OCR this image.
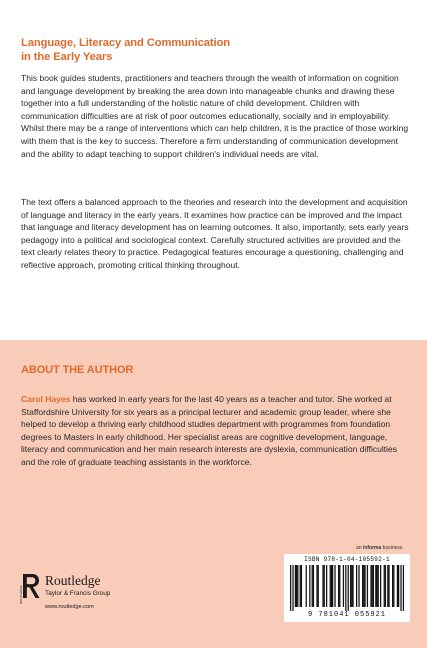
Language, Literacy and Communication
in the Early Years

This book guides students, practitioners and teachers through the wealth of information on cognition and language development by breaking the area down into manageable chunks and drawing these together into a full understanding of the holistic nature of child development. Children with communication difficulties are at risk of poor outcomes educationally, socially and in employability. Whilst there may be a range of interventions which can help children, it is the practice of those working with them that is the key to success. Therefore a firm understanding of communication development and the ability to adapt teaching to support children's individual needs are vital.

The text offers a balanced approach to the theories and research into the development and acquisition of language and literacy in the early years. It examines how practice can be improved and the impact that language and literacy development has on learning outcomes. It also, importantly, sets early years pedagogy into a political and sociological context. Carefully structured activities are provided and the text clearly relates theory to practice. Pedagogical features encourage a questioning, challenging and reflective approach, promoting critical thinking throughout.

ABOUT THE AUTHOR

Carol Hayes has worked in early years for the last 40 years as a teacher and tutor. She worked at Staffordshire University for six years as a principal lecturer and academic group leader, where she helped to develop a thriving early childhood studies department with programmes from foundation degrees to Masters in early childhood. Her specialist areas are cognitive development, language, literacy and communication and her main research interests are dyslexia, communication difficulties and the role of graduate teaching assistants in the workforce.

an informa business
ISBN 978-1-04-105592-1
9 781041 055921
ROUTLEDGE
Routledge
Taylor & Francis Group
www.routledge.com
